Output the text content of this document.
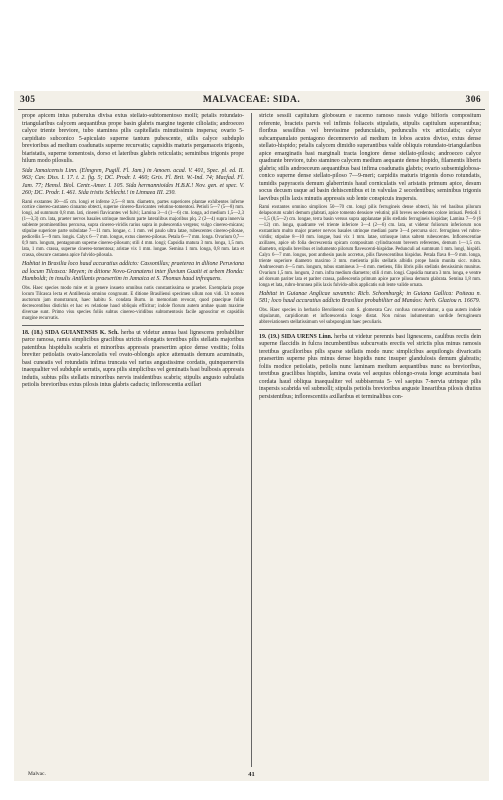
305	MALVACEAE: SIDA.	306

prope apicem intus puberulus divisa extus stellato-subtomentoso molli; petalis rotundato-triangularibus calycem aequantibus prope basin glabris margine tegente ciliolatis; androeceo calyce triente breviore, tubo staminea pilis capitellatis minutissimis inspersa; ovario 5-carpidiato subconico 5-apiculato superne tantum pubescente, stilis calyce subduplo brevioribus ad medium coadunatis superne recurvatis; capsidiis maturis pergamaceis trigonis, biaristatis, superne tomentosis, dorso et lateribus glabris reticulatis; seminibus trigonis prope hilum modo pilosulis.

Sida Jamaicensis Linn. (Elmgren, Pugill. Fl. Jam.) in Amoen. acad. V. 401, Spec. pl. ed. II. 963; Cav. Diss. I. 17. t. 2. fig. 5; DC. Prodr. I. 460; Gris. Fl. Brit. W.-Ind. 74; Macfad. Fl. Jam. 77; Hemsl. Biol. Centr.-Amer. I. 105. Sida hermannioides H.B.K.! Nov. gen. et spec. V. 260; DC. Prodr. I. 461. Sida tristis Schlecht.! in Linnaea III. 230.

Rami exstantes 30—45 cm. longi et inferne 2,5—8 mm. diametro, partes superiores plantae exhibentes inferne cortice cinereo-castaneo cinnamo obtecti, superne cinereo-flavicantes velutino-tomentosi. Petioli 5—7 (5—8) mm. longi, ad summum 0,8 mm. lati, cinerei flavicantes vel fulvi; Lamina 3—4 (1—6) cm. longa, ad medium 1,5—2,3 (1—3,3) cm. lata, praeter nervos basales utrinque medium parte lateralibus majoribus plq. 2 (2—4) supra innervia sublente prominentibus percursa, supra cinereo-viridis rarius supra in pubescentia vergens; vulgo cinereo-micans; stipulae superiore parte subulatae 7—11 mm. longae, c. 1 mm. vel paulo ultra latae, rubescentes cinereo-pilosae, pedicellis 5—9 mm. longis. Calyx 6—7 mm. longus, extus cinereo-pilosus. Petala 6—7 mm. longa. Ovarium 0,7—0,9 mm. longum, pentagonum superne cinereo-pilosum; stili 4 mm. longi; Capsidia matura 3 mm. longa, 1,5 mm. lata, 1 mm. crassa, superne cinereo-tomentosa; aristae vix 1 mm. longae. Semina 1 mm. longa, 0,8 mm. lata et crassa, obscure castanea apice fulvido-pilosula.

Habitat in Brasilia loco haud accuratius addicto: Cassonillas; praeterea in dilione Peruviana ad locum Tilcasca: Meyen; in ditione Novo-Granatensi inter fluvium Guaiti et urbem Honda: Humboldt; in insulis Antillanis praesertim in Jamaica et S. Thomas haud infrequens.

Obs. Haec species modo mire et in genere insueto omnibus notis constantissima se praebet. Exemplaria prope locum Tilcasca lecta et Antillensia omnino congruunt. E ditione Brasiliensi specimen ullum non vidi. Ut nomen auctorum jam monstrarunt, haec habitu S. condata Burm. in memoriam revocat, quod praecipue foliis decrescentibus distichis et hac ex relatione haud obliquis efficitur; indole florum autem ambae quam maxime diversae sunt. Primo visu species foliis subtus cinereo-viridibus subtomentosis facile agnoscitur et capsidiis margine recurvatis.

18. (18.) SIDA GUIANENSIS K. Sch. herba ut videtur annua basi lignescens probabiliter parce ramosa, ramis simplicibus gracilibus strictis elongatis teretibus pilis stellatis majoribus patentibus hispidulis scabris et minoribus appressis praesertim apice dense vestitis; foliis breviter petiolatis ovato-lanceolatis vel ovato-oblongis apice attenuatis demum acuminatis, basi cuneatis vel rotundatis infima truncata vel rarius angustissime cordatis, quinquenerviis inaequaliter vel subduple serratis, supra pilis simplicibus vel geminatis basi bulbosis appressis indutis, subtus pilis stellatis minoribus nervis insidentibus scabris; stipulis angusto subulatis petiolis brevioribus extus pilosis intus glabris caducis; inflorescentia axillari

stricte sessili capitulum globosum e racemo ramoso rassis vulgo bifloris compositum referente, bracteis parvis vel infimis foliaceis stipulatis, stipulis capitulum superantibus; floribus sessilibus vel brevissime pedunculatis, pedunculis vix articulatis; calyce subcampanulato pentagono decemnervio ad medium in lobos acutos diviso, extus dense stellato-hispido; petalis calycem dimidio superantibus valde obliquis rotundato-triangularibus apice emarginatis basi marginali tracta longiore dense stellato-pilosis; androeceo calyce quadrante breviore, tubo stamineo calycem medium aequante dense hispido, filamentis liberis glabris; stilis androeceum aequantibus basi infima coadunatis glabris; ovario subsemiglobosa-conico superne dense stellato-piloso 7—9-meri; carpidiis maturis trigonis dorso rotundatis, tumidis papyraceis demum glaberrimis haud corniculatis vel aristatis primum apice, desum socus decusm usque ad basin dehiscentibus et in valvulas 2 secedentibus; seminibus trigonis laevibus pilis laxis minutis appressis sub lente conspicuis inspersis.

Rami exstantes omnino simplices 50—70 cm. longi pilis ferrugineis dense obtecti, his vel basibus pilorum delapsorum scabri demum glabrati, apice tomento densiore velutini; pili breves secedentes colore intiuati. Petioli 1—1,5 (0,5—2) cm. longae, terra basin versus supra applanatae pilis stellatis ferrugineis hispidae; Lamina 7—9 (6—12) cm. longa, quadrante vel triente inferiore 3—4 (2—6) cm. lata, ut videtur foliorum inferiorum non exstantium multo major praeter nervos basales utrinque mediani parte 3—4 percursa sicc. ferruginea vel rubro-viridis; stipulae 8—10 mm. longae, basi vix 1 mm. latae, utriusque intus saltem rubescentes. Inflorescentiae axillares, apice ob folia decrescentia spicam compositam cylindraceam brevem referentes, demum 1—1,5 cm. diametro, stipulis brevibus et indumento pilorum flavescenti-hispidae. Pedunculi ad summum 1 mm. longi, hispidi. Calyx 6—7 mm. longus, post anthesin paulo accretus, pilis flavescentibus hispidus. Petala flava 8—9 mm. longa, triente superiore diametro maximo 3 mm. metientia pilis stellatis albidis prope basin munita sicc. rubra. Androeceum 4—5 mm. longum, tubus stamineus 3—4 mm. metiens, filis libris pilis stellatis densissimis munitus. Ovarium 1,5 mm. longum, 2 mm. infra medium diametro; stili 4 mm. longi. Capsidia matura 3 mm. longa, e ventre ad dorsum pariter lata et pariter crassa, pallescentia primum apice parce pilosa demum glabrata. Semina 1,8 mm. longa et lata, rubro-brunnea pilis laxis fulvido-albis applicatis sub lente valide ornata.

Habitat in Guianae Anglicae savannis: Rich. Schomburgk; in Guiana Gallica: Poiteau n. 581; loco haud accuratius addicto Brasiliae probabiliter ad Manáos: herb. Glaziou n. 16679.

Obs. Haec species in herbario Berolinensi cum S. glomerata Cav. confusa conservabatur, a qua autem indole stipularum, carpidiorum et inflorescentia longe distat. Non minus indumentum sordide ferrugineum abbreviationem stellatissimum vel subspongiam haec peculiaris.

19. (19.) SIDA URENS Linn. herba ut videtur perennis basi lignescens, caulibus rectis dein superne flaccidis in fulcra incumbentibus subcurvatis erectis vel strictis plus minus ramosis teretibus gracilioribus pilis sparse stellatis modo nunc simplicibus aequilongis divaricatis praesertim superne plus minus dense hispidis nunc insuper glandulosis demum glabratis; foliis modice petiolatis, petiolis nunc laminam medium aequantibus nunc ea brevioribus, teretibus gracilibus hispidis, lamina ovata vel aequius oblongo-ovata longe acuminata basi cordata haud obliqua inaequaliter vel subbiserrata 5- vel saepius 7-nervia utrinque pilis inspersis scabrida vel submolli; stipulis petiolis brevioribus anguste lineariibus pilosis diutius persistentibus; inflorescentiis axillaribus et terminalibus con-

Malvac.	41
